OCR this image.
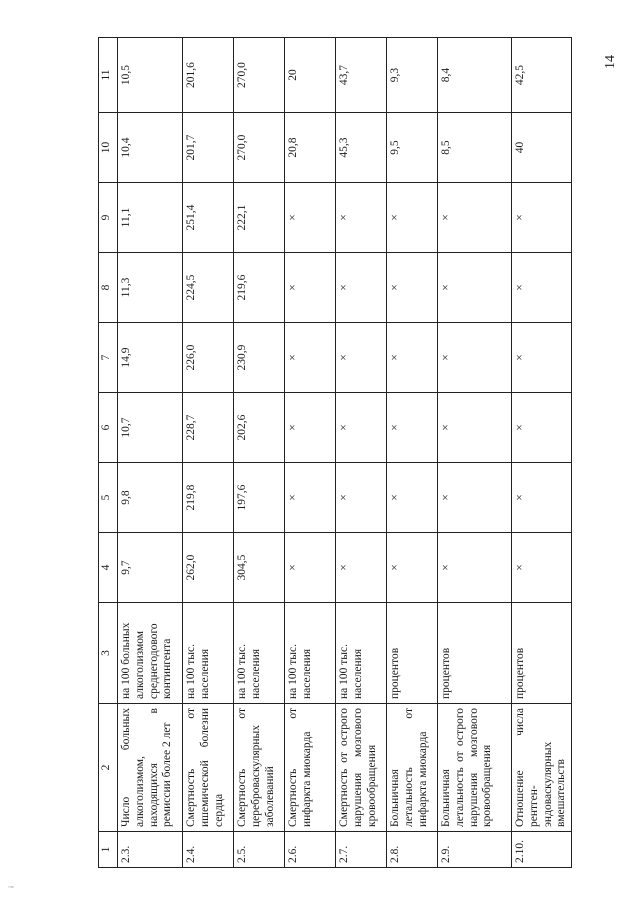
14
¡
1	2	3	4	5	6	7	8	9	10	11
2.3.	Число больных алкоголизмом, находящихся в ремиссии более 2 лет	на 100 больных алкоголизмом среднегодового контингента	9,7	9,8	10,7	14,9	11,3	11,1	10,4	10,5
2.4.	Смертность от ишемической болезни сердца	на 100 тыс. населения	262,0	219,8	228,7	226,0	224,5	251,4	201,7	201,6
2.5.	Смертность от цереброваскулярных заболеваний	на 100 тыс. населения	304,5	197,6	202,6	230,9	219,6	222,1	270,0	270,0
2.6.	Смертность от инфаркта миокарда	на 100 тыс. населения	×	×	×	×	×	×	20,8	20
2.7.	Смертность от острого нарушения мозгового кровообращения	на 100 тыс. населения	×	×	×	×	×	×	45,3	43,7
2.8.	Больничная летальность от инфаркта миокарда	процентов	×	×	×	×	×	×	9,5	9,3
2.9.	Больничная летальность от острого нарушения мозгового кровообращения	процентов	×	×	×	×	×	×	8,5	8,4
2.10.	Отношение числа рентген-эндоваскулярных вмешательств	процентов	×	×	×	×	×	×	40	42,5
